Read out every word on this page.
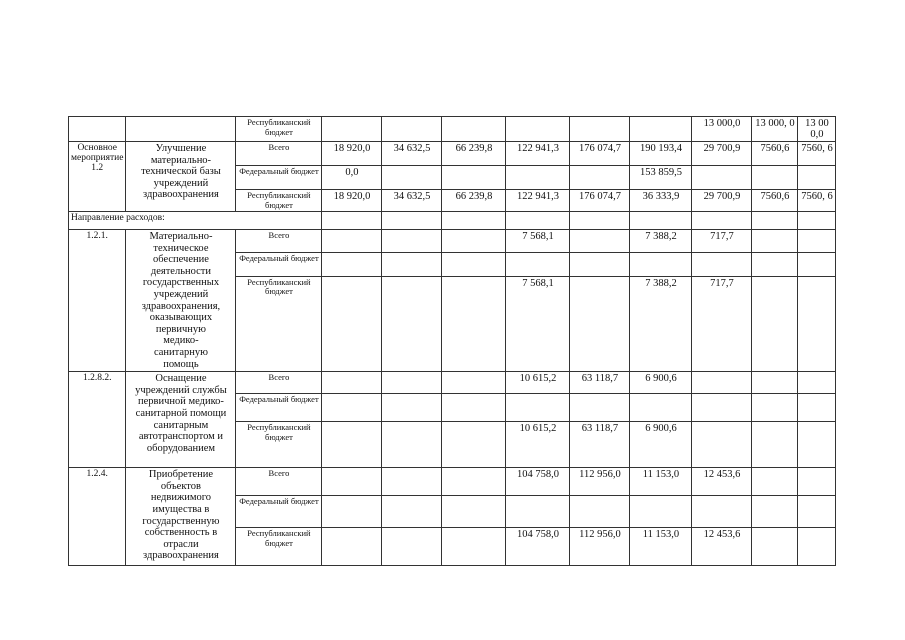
		Республиканский бюджет							13 000,0	13 000, 0	13 00 0,0
Основное мероприятие 1.2	Улучшение материально-технической базы учреждений здравоохранения	Всего	18 920,0	34 632,5	66 239,8	122 941,3	176 074,7	190 193,4	29 700,9	7560,6	7560, 6
		Федеральный бюджет	0,0					153 859,5			
		Республиканский бюджет	18 920,0	34 632,5	66 239,8	122 941,3	176 074,7	36 333,9	29 700,9	7560,6	7560, 6
Направление расходов:											
1.2.1.	Материально-техническое обеспечение деятельности государственных учреждений здравоохранения, оказывающих первичную медико-санитарную помощь	Всего				7 568,1		7 388,2	717,7		
		Федеральный бюджет									
		Республиканский бюджет				7 568,1		7 388,2	717,7		
1.2.8.2.	Оснащение учреждений службы первичной медико-санитарной помощи санитарным автотранспортом и оборудованием	Всего				10 615,2	63 118,7	6 900,6			
		Федеральный бюджет									
		Республиканский бюджет				10 615,2	63 118,7	6 900,6			
1.2.4.	Приобретение объектов недвижимого имущества в государственную собственность в отрасли здравоохранения	Всего				104 758,0	112 956,0	11 153,0	12 453,6		
		Федеральный бюджет									
		Республиканский бюджет				104 758,0	112 956,0	11 153,0	12 453,6		
